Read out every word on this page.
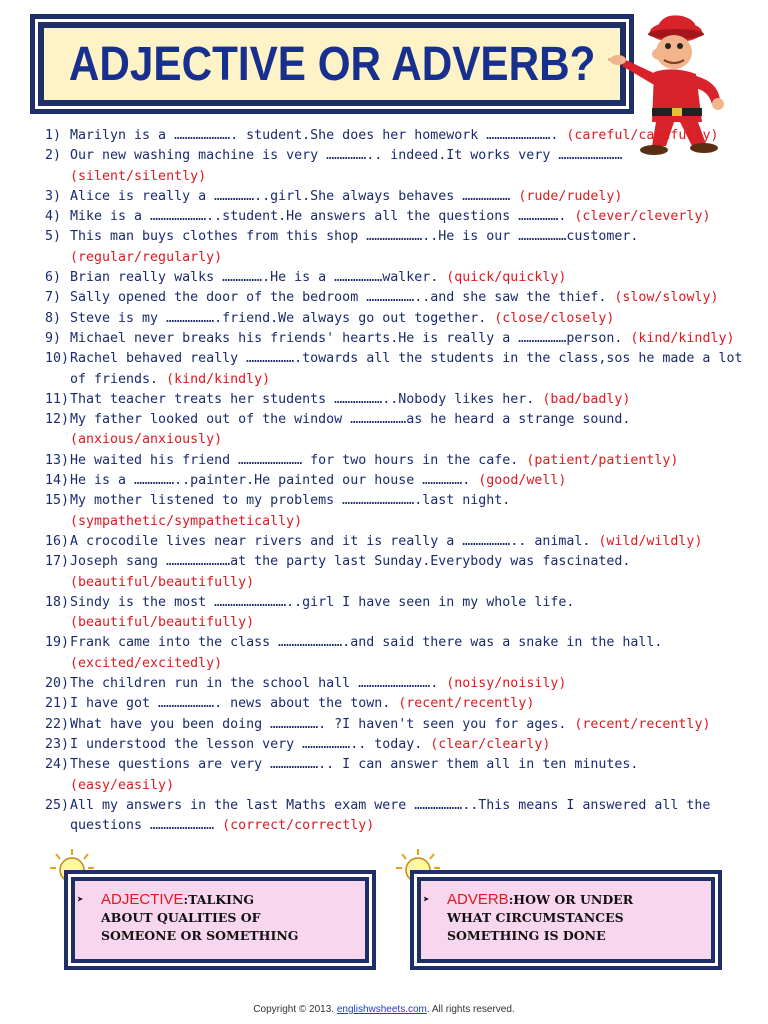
ADJECTIVE OR ADVERB?
1) Marilyn is a …………………. student.She does her homework ……………………. (careful/carefully)
2) Our new washing machine is very …………….. indeed.It works very ……………………
(silent/silently)
3) Alice is really a ……………..girl.She always behaves ……………… (rude/rudely)
4) Mike is a …………………..student.He answers all the questions ……………. (clever/cleverly)
5) This man buys clothes from this shop …………………..He is our ………………customer.
(regular/regularly)
6) Brian really walks …………….He is a ………………walker. (quick/quickly)
7) Sally opened the door of the bedroom ………………..and she saw the thief. (slow/slowly)
8) Steve is my ……………….friend.We always go out together. (close/closely)
9) Michael never breaks his friends' hearts.He is really a ………………person. (kind/kindly)
10) Rachel behaved really ……………….towards all the students in the class,sos he made a lot
of friends. (kind/kindly)
11) That teacher treats her students ………………..Nobody likes her. (bad/badly)
12) My father looked out of the window …………………as he heard a strange sound.
(anxious/anxiously)
13) He waited his friend …………………… for two hours in the cafe. (patient/patiently)
14) He is a ……………..painter.He painted our house ……………. (good/well)
15) My mother listened to my problems ……………………….last night.
(sympathetic/sympathetically)
16) A crocodile lives near rivers and it is really a ……………….. animal. (wild/wildly)
17) Joseph sang ……………………at the party last Sunday.Everybody was fascinated.
(beautiful/beautifully)
18) Sindy is the most ………………………..girl I have seen in my whole life.
(beautiful/beautifully)
19) Frank came into the class …………………….and said there was a snake in the hall.
(excited/excitedly)
20) The children run in the school hall ………………………. (noisy/noisily)
21) I have got …………………. news about the town. (recent/recently)
22) What have you been doing ………………. ?I haven't seen you for ages. (recent/recently)
23) I understood the lesson very ……………….. today. (clear/clearly)
24) These questions are very ……………….. I can answer them all in ten minutes.
(easy/easily)
25) All my answers in the last Maths exam were ………………..This means I answered all the
questions …………………… (correct/correctly)
➤ ADJECTIVE:TALKING
ABOUT QUALITIES OF
SOMEONE OR SOMETHING
➤ ADVERB:HOW OR UNDER
WHAT CIRCUMSTANCES
SOMETHING IS DONE
Copyright © 2013. englishwsheets.com. All rights reserved.
